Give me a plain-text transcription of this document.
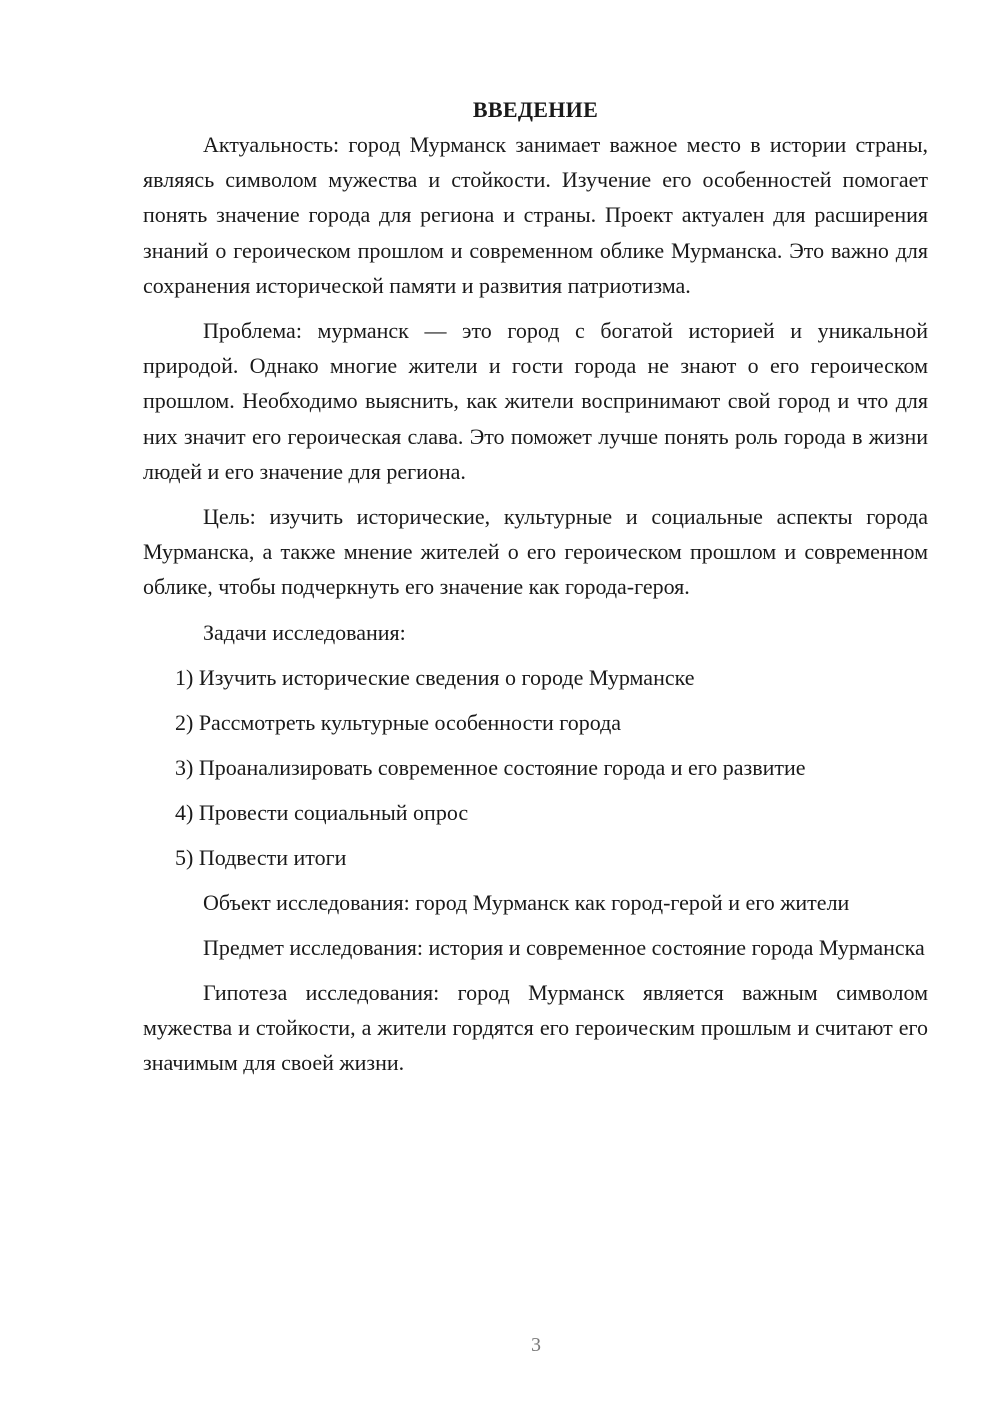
ВВЕДЕНИЕ

Актуальность: город Мурманск занимает важное место в истории страны, являясь символом мужества и стойкости. Изучение его особенностей помогает понять значение города для региона и страны. Проект актуален для расширения знаний о героическом прошлом и современном облике Мурманска. Это важно для сохранения исторической памяти и развития патриотизма.

Проблема: мурманск — это город с богатой историей и уникальной природой. Однако многие жители и гости города не знают о его героическом прошлом. Необходимо выяснить, как жители воспринимают свой город и что для них значит его героическая слава. Это поможет лучше понять роль города в жизни людей и его значение для региона.

Цель: изучить исторические, культурные и социальные аспекты города Мурманска, а также мнение жителей о его героическом прошлом и современном облике, чтобы подчеркнуть его значение как города-героя.

Задачи исследования:
1) Изучить исторические сведения о городе Мурманске
2) Рассмотреть культурные особенности города
3) Проанализировать современное состояние города и его развитие
4) Провести социальный опрос
5) Подвести итоги

Объект исследования: город Мурманск как город-герой и его жители

Предмет исследования: история и современное состояние города Мурманска

Гипотеза исследования: город Мурманск является важным символом мужества и стойкости, а жители гордятся его героическим прошлым и считают его значимым для своей жизни.

3
